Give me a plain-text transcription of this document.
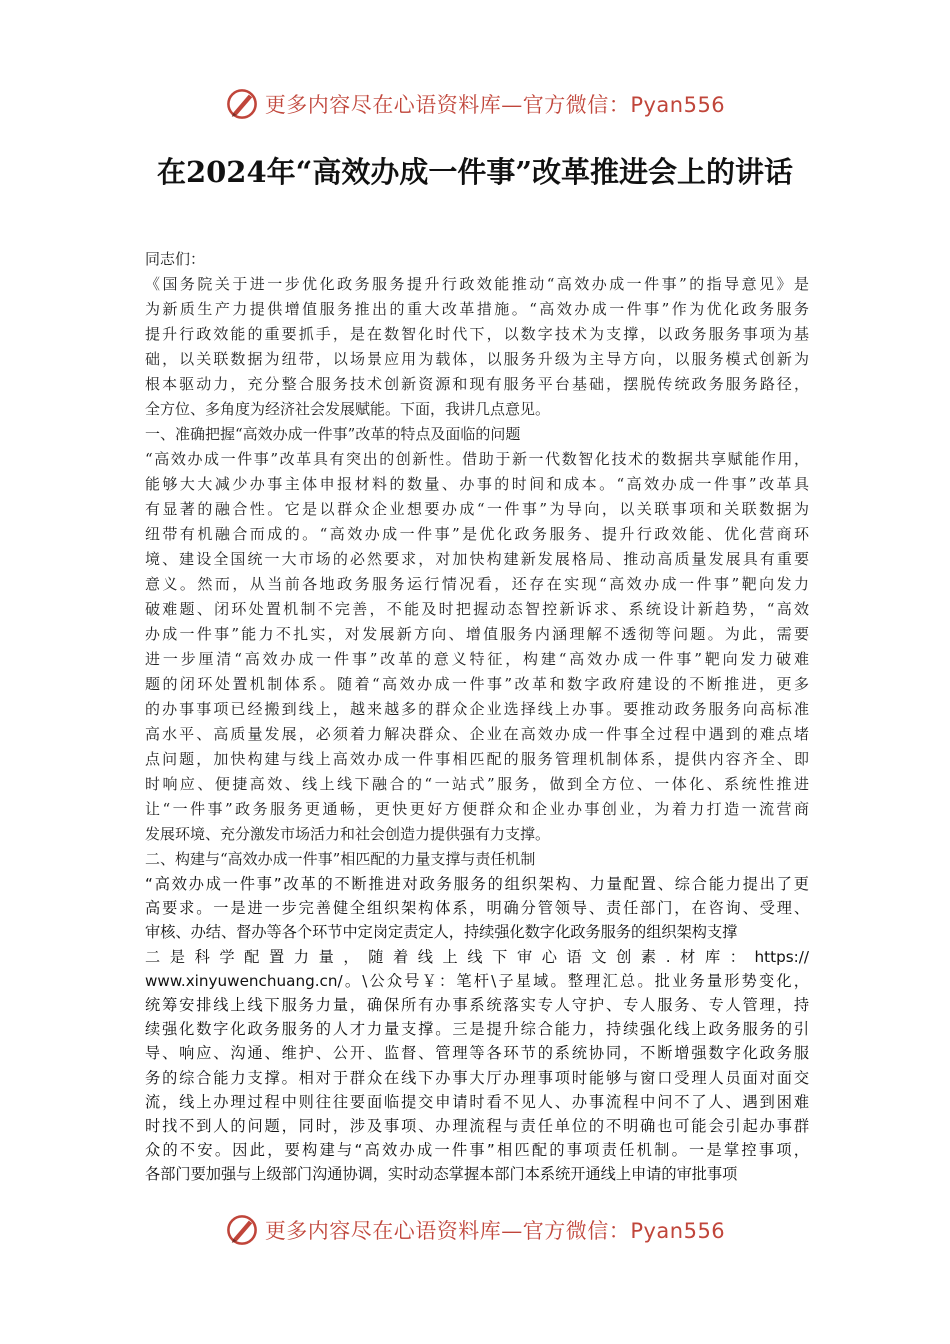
更多内容尽在心语资料库—官方微信：Pyan556
在2024年“高效办成一件事”改革推进会上的讲话
同志们：
《国务院关于进一步优化政务服务提升行政效能推动“高效办成一件事”的指导意见》是
为新质生产力提供增值服务推出的重大改革措施。“高效办成一件事”作为优化政务服务
提升行政效能的重要抓手，是在数智化时代下，以数字技术为支撑，以政务服务事项为基
础，以关联数据为纽带，以场景应用为载体，以服务升级为主导方向，以服务模式创新为
根本驱动力，充分整合服务技术创新资源和现有服务平台基础，摆脱传统政务服务路径，
全方位、多角度为经济社会发展赋能。下面，我讲几点意见。
一、准确把握“高效办成一件事”改革的特点及面临的问题
“高效办成一件事”改革具有突出的创新性。借助于新一代数智化技术的数据共享赋能作用，
能够大大减少办事主体申报材料的数量、办事的时间和成本。“高效办成一件事”改革具
有显著的融合性。它是以群众企业想要办成“一件事”为导向，以关联事项和关联数据为
纽带有机融合而成的。“高效办成一件事”是优化政务服务、提升行政效能、优化营商环
境、建设全国统一大市场的必然要求，对加快构建新发展格局、推动高质量发展具有重要
意义。然而，从当前各地政务服务运行情况看，还存在实现“高效办成一件事”靶向发力
破难题、闭环处置机制不完善，不能及时把握动态智控新诉求、系统设计新趋势，“高效
办成一件事”能力不扎实，对发展新方向、增值服务内涵理解不透彻等问题。为此，需要
进一步厘清“高效办成一件事”改革的意义特征，构建“高效办成一件事”靶向发力破难
题的闭环处置机制体系。随着“高效办成一件事”改革和数字政府建设的不断推进，更多
的办事事项已经搬到线上，越来越多的群众企业选择线上办事。要推动政务服务向高标准
高水平、高质量发展，必须着力解决群众、企业在高效办成一件事全过程中遇到的难点堵
点问题，加快构建与线上高效办成一件事相匹配的服务管理机制体系，提供内容齐全、即
时响应、便捷高效、线上线下融合的“一站式”服务，做到全方位、一体化、系统性推进
让“一件事”政务服务更通畅，更快更好方便群众和企业办事创业，为着力打造一流营商
发展环境、充分激发市场活力和社会创造力提供强有力支撑。
二、构建与“高效办成一件事”相匹配的力量支撑与责任机制
“高效办成一件事”改革的不断推进对政务服务的组织架构、力量配置、综合能力提出了更
高要求。一是进一步完善健全组织架构体系，明确分管领导、责任部门，在咨询、受理、
审核、办结、督办等各个环节中定岗定责定人，持续强化数字化政务服务的组织架构支撑
二是科学配置力量，随着线上线下审心语文创素.材库：https://
www.xinyuwenchuang.cn/。\公众号￥：笔杆\子星域。整理汇总。批业务量形势变化，
统筹安排线上线下服务力量，确保所有办事系统落实专人守护、专人服务、专人管理，持
续强化数字化政务服务的人才力量支撑。三是提升综合能力，持续强化线上政务服务的引
导、响应、沟通、维护、公开、监督、管理等各环节的系统协同，不断增强数字化政务服
务的综合能力支撑。相对于群众在线下办事大厅办理事项时能够与窗口受理人员面对面交
流，线上办理过程中则往往要面临提交申请时看不见人、办事流程中问不了人、遇到困难
时找不到人的问题，同时，涉及事项、办理流程与责任单位的不明确也可能会引起办事群
众的不安。因此，要构建与“高效办成一件事”相匹配的事项责任机制。一是掌控事项，
各部门要加强与上级部门沟通协调，实时动态掌握本部门本系统开通线上申请的审批事项
更多内容尽在心语资料库—官方微信：Pyan556
